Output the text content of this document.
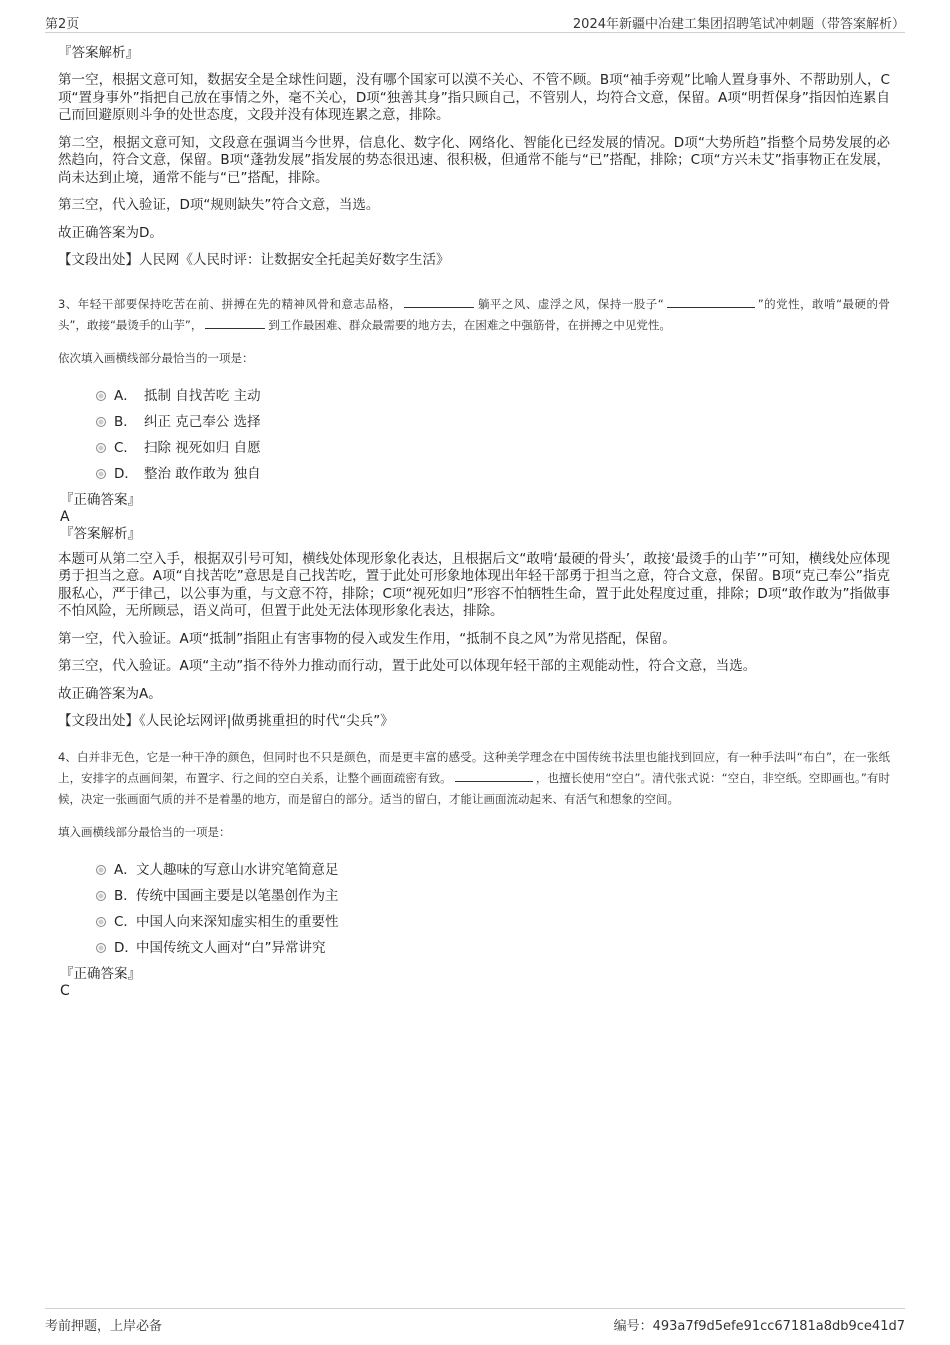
第2页	2024年新疆中冶建工集团招聘笔试冲刺题（带答案解析）
『答案解析』

第一空，根据文意可知，数据安全是全球性问题，没有哪个国家可以漠不关心、不管不顾。B项“袖手旁观”比喻人置身事外、不帮助别人，C项“置身事外”指把自己放在事情之外，毫不关心，D项“独善其身”指只顾自己，不管别人，均符合文意，保留。A项“明哲保身”指因怕连累自己而回避原则斗争的处世态度，文段并没有体现连累之意，排除。

第二空，根据文意可知，文段意在强调当今世界，信息化、数字化、网络化、智能化已经发展的情况。D项“大势所趋”指整个局势发展的必然趋向，符合文意，保留。B项“蓬勃发展”指发展的势态很迅速、很积极，但通常不能与“已”搭配，排除；C项“方兴未艾”指事物正在发展，尚未达到止境，通常不能与“已”搭配，排除。

第三空，代入验证，D项“规则缺失”符合文意，当选。

故正确答案为D。

【文段出处】人民网《人民时评：让数据安全托起美好数字生活》

3、年轻干部要保持吃苦在前、拼搏在先的精神风骨和意志品格，	躺平之风、虚浮之风，保持一股子“	”的党性，敢啃“最硬的骨头”，敢接“最烫手的山芋”，	到工作最困难、群众最需要的地方去，在困难之中强筋骨，在拼搏之中见党性。

依次填入画横线部分最恰当的一项是：
A． 抵制 自找苦吃 主动
B． 纠正 克己奉公 选择
C． 扫除 视死如归 自愿
D． 整治 敢作敢为 独自
『正确答案』
A
『答案解析』

本题可从第二空入手，根据双引号可知，横线处体现形象化表达，且根据后文“敢啃‘最硬的骨头’，敢接‘最烫手的山芋’”可知，横线处应体现勇于担当之意。A项“自找苦吃”意思是自己找苦吃，置于此处可形象地体现出年轻干部勇于担当之意，符合文意，保留。B项“克己奉公”指克服私心，严于律己，以公事为重，与文意不符，排除；C项“视死如归”形容不怕牺牲生命，置于此处程度过重，排除；D项“敢作敢为”指做事不怕风险，无所顾忌，语义尚可，但置于此处无法体现形象化表达，排除。

第一空，代入验证。A项“抵制”指阻止有害事物的侵入或发生作用，“抵制不良之风”为常见搭配，保留。

第三空，代入验证。A项“主动”指不待外力推动而行动，置于此处可以体现年轻干部的主观能动性，符合文意，当选。

故正确答案为A。

【文段出处】《人民论坛网评|做勇挑重担的时代“尖兵”》

4、白并非无色，它是一种干净的颜色，但同时也不只是颜色，而是更丰富的感受。这种美学理念在中国传统书法里也能找到回应，有一种手法叫“布白”，在一张纸上，安排字的点画间架，布置字、行之间的空白关系，让整个画面疏密有致。	，也擅长使用“空白”。清代张式说：“空白，非空纸。空即画也。”有时候，决定一张画面气质的并不是着墨的地方，而是留白的部分。适当的留白，才能让画面流动起来、有活气和想象的空间。

填入画横线部分最恰当的一项是：
A． 文人趣味的写意山水讲究笔简意足
B． 传统中国画主要是以笔墨创作为主
C． 中国人向来深知虚实相生的重要性
D．
中国传统文人画对“白”异常讲究
『正确答案』
C
考前押题，上岸必备	编号：493a7f9d5efe91cc67181a8db9ce41d7
